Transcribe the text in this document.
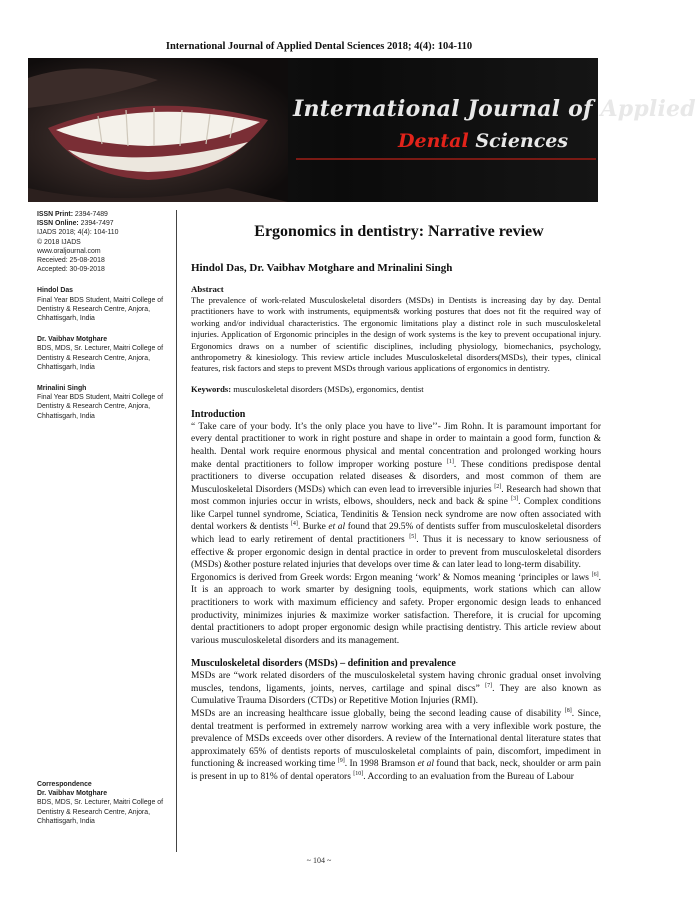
International Journal of Applied Dental Sciences 2018; 4(4): 104-110
International Journal of Applied
Dental Sciences
ISSN Print: 2394-7489
ISSN Online: 2394-7497
IJADS 2018; 4(4): 104-110
© 2018 IJADS
www.oraljournal.com
Received: 25-08-2018
Accepted: 30-09-2018
Hindol Das
Final Year BDS Student, Maitri College of Dentistry & Research Centre, Anjora, Chhattisgarh, India
Dr. Vaibhav Motghare
BDS, MDS, Sr. Lecturer, Maitri College of Dentistry & Research Centre, Anjora, Chhattisgarh, India
Mrinalini Singh
Final Year BDS Student, Maitri College of Dentistry & Research Centre, Anjora, Chhattisgarh, India
Correspondence
Dr. Vaibhav Motghare
BDS, MDS, Sr. Lecturer, Maitri College of Dentistry & Research Centre, Anjora, Chhattisgarh, India
Ergonomics in dentistry: Narrative review
Hindol Das, Dr. Vaibhav Motghare and Mrinalini Singh
Abstract
The prevalence of work-related Musculoskeletal disorders (MSDs) in Dentists is increasing day by day. Dental practitioners have to work with instruments, equipments& working postures that does not fit the required way of working and/or individual characteristics. The ergonomic limitations play a distinct role in such musculoskeletal injuries. Application of Ergonomic principles in the design of work systems is the key to prevent occupational injury. Ergonomics draws on a number of scientific disciplines, including physiology, biomechanics, psychology, anthropometry & kinesiology. This review article includes Musculoskeletal disorders(MSDs), their types, clinical features, risk factors and steps to prevent MSDs through various applications of ergonomics in dentistry.
Keywords: musculoskeletal disorders (MSDs), ergonomics, dentist
Introduction
“ Take care of your body. It’s the only place you have to live’’- Jim Rohn. It is paramount important for every dental practitioner to work in right posture and shape in order to maintain a good form, function & health. Dental work require enormous physical and mental concentration and prolonged working hours make dental practitioners to follow improper working posture [1]. These conditions predispose dental practitioners to diverse occupation related diseases & disorders, and most common of them are Musculoskeletal Disorders (MSDs) which can even lead to irreversible injuries [2]. Research had shown that most common injuries occur in wrists, elbows, shoulders, neck and back & spine [3]. Complex conditions like Carpel tunnel syndrome, Sciatica, Tendinitis & Tension neck syndrome are now often associated with dental workers & dentists [4]. Burke et al found that 29.5% of dentists suffer from musculoskeletal disorders which lead to early retirement of dental practitioners [5]. Thus it is necessary to know seriousness of effective & proper ergonomic design in dental practice in order to prevent from musculoskeletal disorders (MSDs) &other posture related injuries that develops over time & can later lead to long-term disability.
Ergonomics is derived from Greek words: Ergon meaning ‘work’ & Nomos meaning ‘principles or laws [6]. It is an approach to work smarter by designing tools, equipments, work stations which can allow practitioners to work with maximum efficiency and safety. Proper ergonomic design leads to enhanced productivity, minimizes injuries & maximize worker satisfaction. Therefore, it is crucial for upcoming dental practitioners to adopt proper ergonomic design while practising dentistry. This article review about various musculoskeletal disorders and its management.
Musculoskeletal disorders (MSDs) – definition and prevalence
MSDs are “work related disorders of the musculoskeletal system having chronic gradual onset involving muscles, tendons, ligaments, joints, nerves, cartilage and spinal discs” [7]. They are also known as Cumulative Trauma Disorders (CTDs) or Repetitive Motion Injuries (RMI).
MSDs are an increasing healthcare issue globally, being the second leading cause of disability [8]. Since, dental treatment is performed in extremely narrow working area with a very inflexible work posture, the prevalence of MSDs exceeds over other disorders. A review of the International dental literature states that approximately 65% of dentists reports of musculoskeletal complaints of pain, discomfort, impediment in functioning & increased working time [9]. In 1998 Bramson et al found that back, neck, shoulder or arm pain is present in up to 81% of dental operators [10]. According to an evaluation from the Bureau of Labour
~ 104 ~
